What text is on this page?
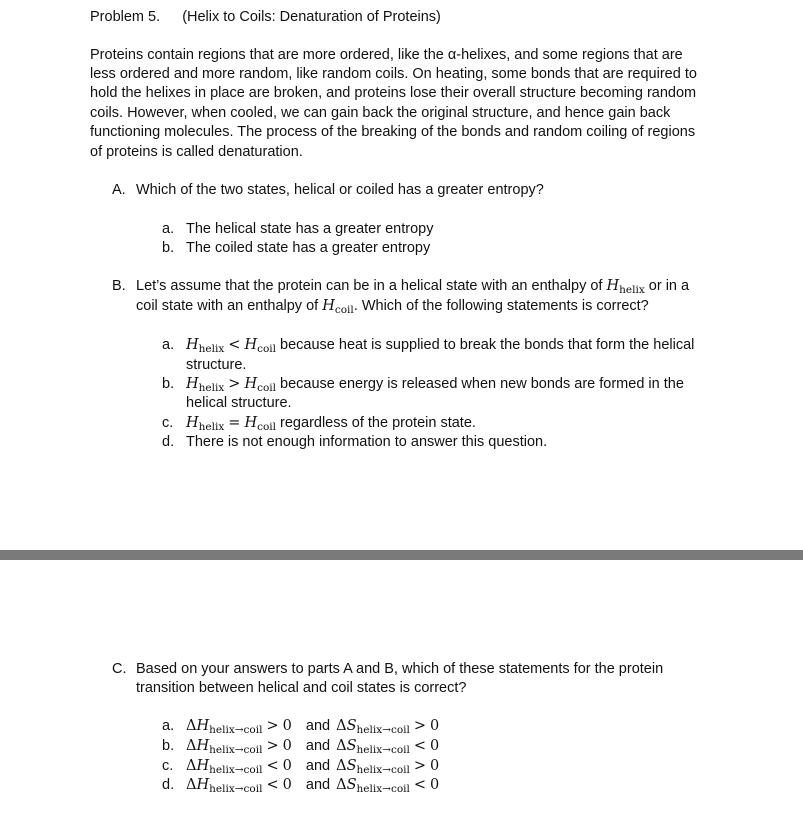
Problem 5. (Helix to Coils: Denaturation of Proteins)
Proteins contain regions that are more ordered, like the α-helixes, and some regions that are
less ordered and more random, like random coils. On heating, some bonds that are required to
hold the helixes in place are broken, and proteins lose their overall structure becoming random
coils. However, when cooled, we can gain back the original structure, and hence gain back
functioning molecules. The process of the breaking of the bonds and random coiling of regions
of proteins is called denaturation.
A. Which of the two states, helical or coiled has a greater entropy?
a. The helical state has a greater entropy
b. The coiled state has a greater entropy
B. Let’s assume that the protein can be in a helical state with an enthalpy of $H_{helix}$ or in a
coil state with an enthalpy of $H_{coil}$. Which of the following statements is correct?
a. $H_{helix} < H_{coil}$ because heat is supplied to break the bonds that form the helical
structure.
b. $H_{helix} > H_{coil}$ because energy is released when new bonds are formed in the
helical structure.
c. $H_{helix} = H_{coil}$ regardless of the protein state.
d. There is not enough information to answer this question.
C. Based on your answers to parts A and B, which of these statements for the protein
transition between helical and coil states is correct?
a. $\Delta H_{helix\to coil} > 0$ and $\Delta S_{helix\to coil} > 0$
b. $\Delta H_{helix\to coil} > 0$ and $\Delta S_{helix\to coil} < 0$
c. $\Delta H_{helix\to coil} < 0$ and $\Delta S_{helix\to coil} > 0$
d. $\Delta H_{helix\to coil} < 0$ and $\Delta S_{helix\to coil} < 0$
